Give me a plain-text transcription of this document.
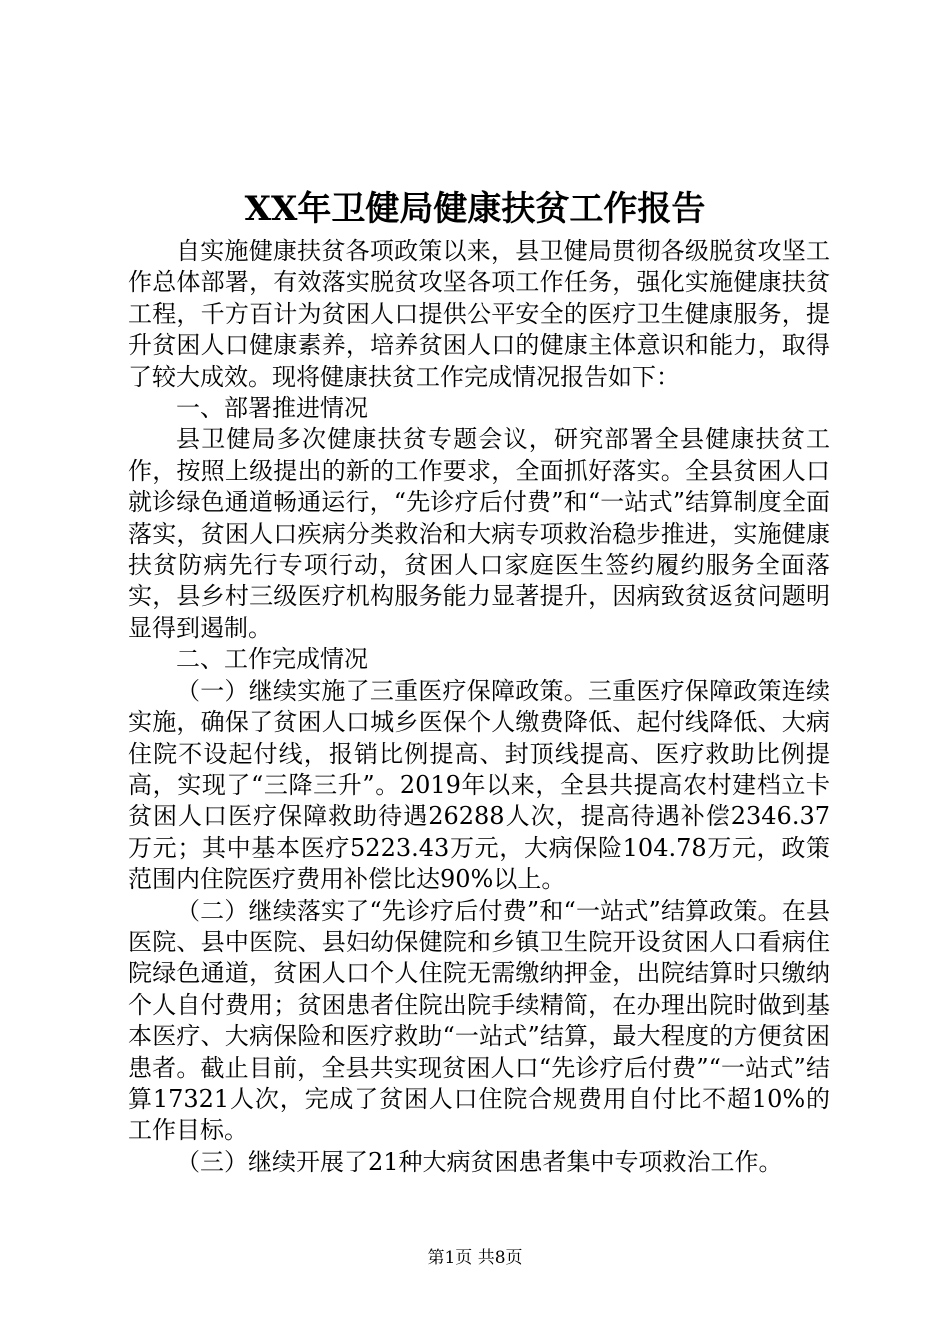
XX年卫健局健康扶贫工作报告

自实施健康扶贫各项政策以来，县卫健局贯彻各级脱贫攻坚工作总体部署，有效落实脱贫攻坚各项工作任务，强化实施健康扶贫工程，千方百计为贫困人口提供公平安全的医疗卫生健康服务，提升贫困人口健康素养，培养贫困人口的健康主体意识和能力，取得了较大成效。现将健康扶贫工作完成情况报告如下：

一、部署推进情况

县卫健局多次健康扶贫专题会议，研究部署全县健康扶贫工作，按照上级提出的新的工作要求，全面抓好落实。全县贫困人口就诊绿色通道畅通运行，“先诊疗后付费”和“一站式”结算制度全面落实，贫困人口疾病分类救治和大病专项救治稳步推进，实施健康扶贫防病先行专项行动，贫困人口家庭医生签约履约服务全面落实，县乡村三级医疗机构服务能力显著提升，因病致贫返贫问题明显得到遏制。

二、工作完成情况

（一）继续实施了三重医疗保障政策。三重医疗保障政策连续实施，确保了贫困人口城乡医保个人缴费降低、起付线降低、大病住院不设起付线，报销比例提高、封顶线提高、医疗救助比例提高，实现了“三降三升”。2019年以来，全县共提高农村建档立卡贫困人口医疗保障救助待遇26288人次，提高待遇补偿2346.37万元；其中基本医疗5223.43万元，大病保险104.78万元，政策范围内住院医疗费用补偿比达90%以上。

（二）继续落实了“先诊疗后付费”和“一站式”结算政策。在县医院、县中医院、县妇幼保健院和乡镇卫生院开设贫困人口看病住院绿色通道，贫困人口个人住院无需缴纳押金，出院结算时只缴纳个人自付费用；贫困患者住院出院手续精简，在办理出院时做到基本医疗、大病保险和医疗救助“一站式”结算，最大程度的方便贫困患者。截止目前，全县共实现贫困人口“先诊疗后付费”“一站式”结算17321人次，完成了贫困人口住院合规费用自付比不超10%的工作目标。

（三）继续开展了21种大病贫困患者集中专项救治工作。

第1页 共8页
